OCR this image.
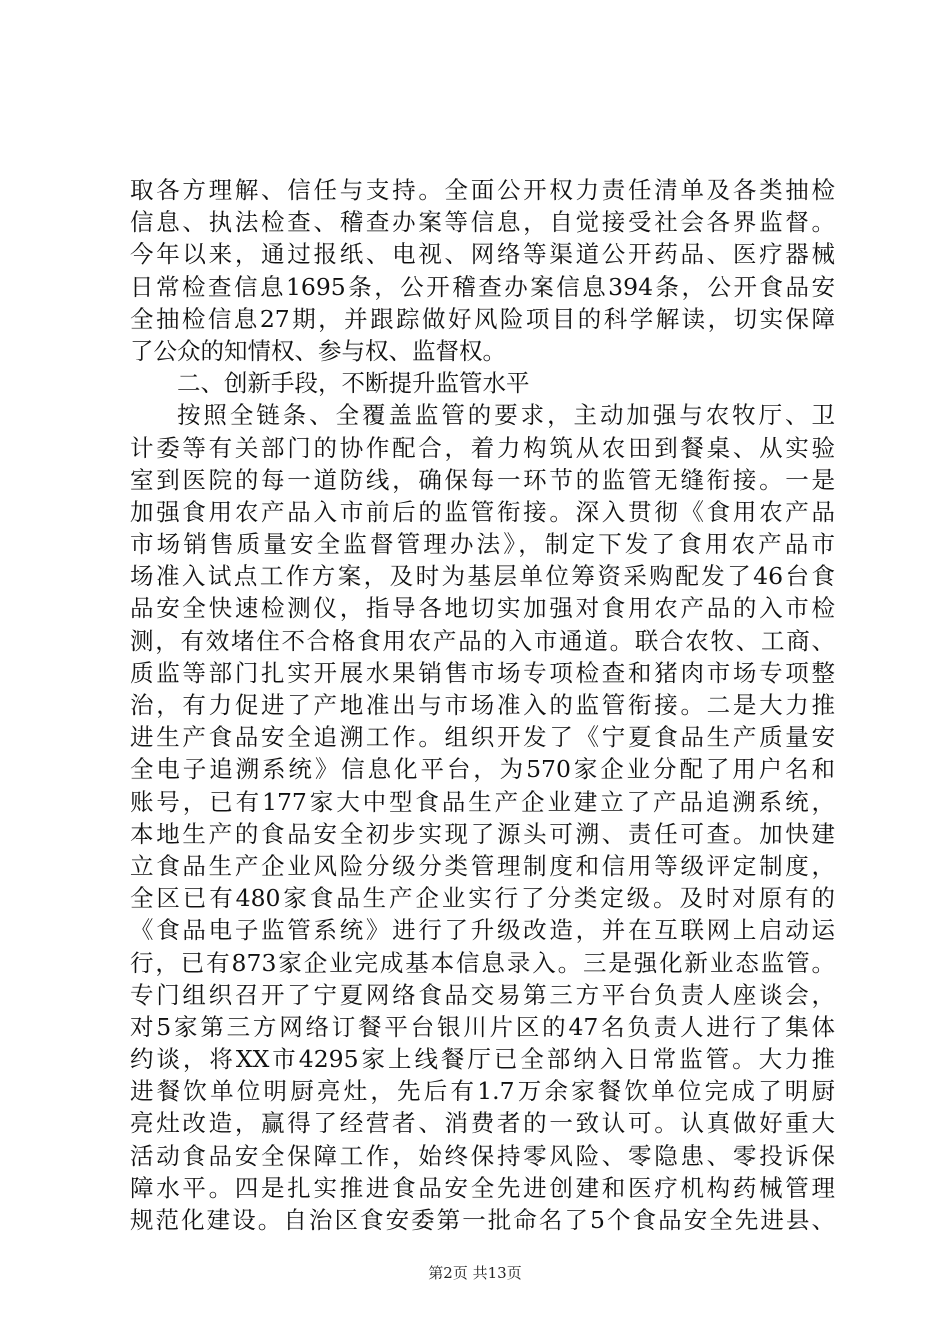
取各方理解、信任与支持。全面公开权力责任清单及各类抽检
信息、执法检查、稽查办案等信息，自觉接受社会各界监督。
今年以来，通过报纸、电视、网络等渠道公开药品、医疗器械
日常检查信息1695条，公开稽查办案信息394条，公开食品安
全抽检信息27期，并跟踪做好风险项目的科学解读，切实保障
了公众的知情权、参与权、监督权。
二、创新手段，不断提升监管水平
按照全链条、全覆盖监管的要求，主动加强与农牧厅、卫
计委等有关部门的协作配合，着力构筑从农田到餐桌、从实验
室到医院的每一道防线，确保每一环节的监管无缝衔接。一是
加强食用农产品入市前后的监管衔接。深入贯彻《食用农产品
市场销售质量安全监督管理办法》，制定下发了食用农产品市
场准入试点工作方案，及时为基层单位筹资采购配发了46台食
品安全快速检测仪，指导各地切实加强对食用农产品的入市检
测，有效堵住不合格食用农产品的入市通道。联合农牧、工商、
质监等部门扎实开展水果销售市场专项检查和猪肉市场专项整
治，有力促进了产地准出与市场准入的监管衔接。二是大力推
进生产食品安全追溯工作。组织开发了《宁夏食品生产质量安
全电子追溯系统》信息化平台，为570家企业分配了用户名和
账号，已有177家大中型食品生产企业建立了产品追溯系统，
本地生产的食品安全初步实现了源头可溯、责任可查。加快建
立食品生产企业风险分级分类管理制度和信用等级评定制度，
全区已有480家食品生产企业实行了分类定级。及时对原有的
《食品电子监管系统》进行了升级改造，并在互联网上启动运
行，已有873家企业完成基本信息录入。三是强化新业态监管。
专门组织召开了宁夏网络食品交易第三方平台负责人座谈会，
对5家第三方网络订餐平台银川片区的47名负责人进行了集体
约谈，将XX市4295家上线餐厅已全部纳入日常监管。大力推
进餐饮单位明厨亮灶，先后有1.7万余家餐饮单位完成了明厨
亮灶改造，赢得了经营者、消费者的一致认可。认真做好重大
活动食品安全保障工作，始终保持零风险、零隐患、零投诉保
障水平。四是扎实推进食品安全先进创建和医疗机构药械管理
规范化建设。自治区食安委第一批命名了5个食品安全先进县、
第2页 共13页
